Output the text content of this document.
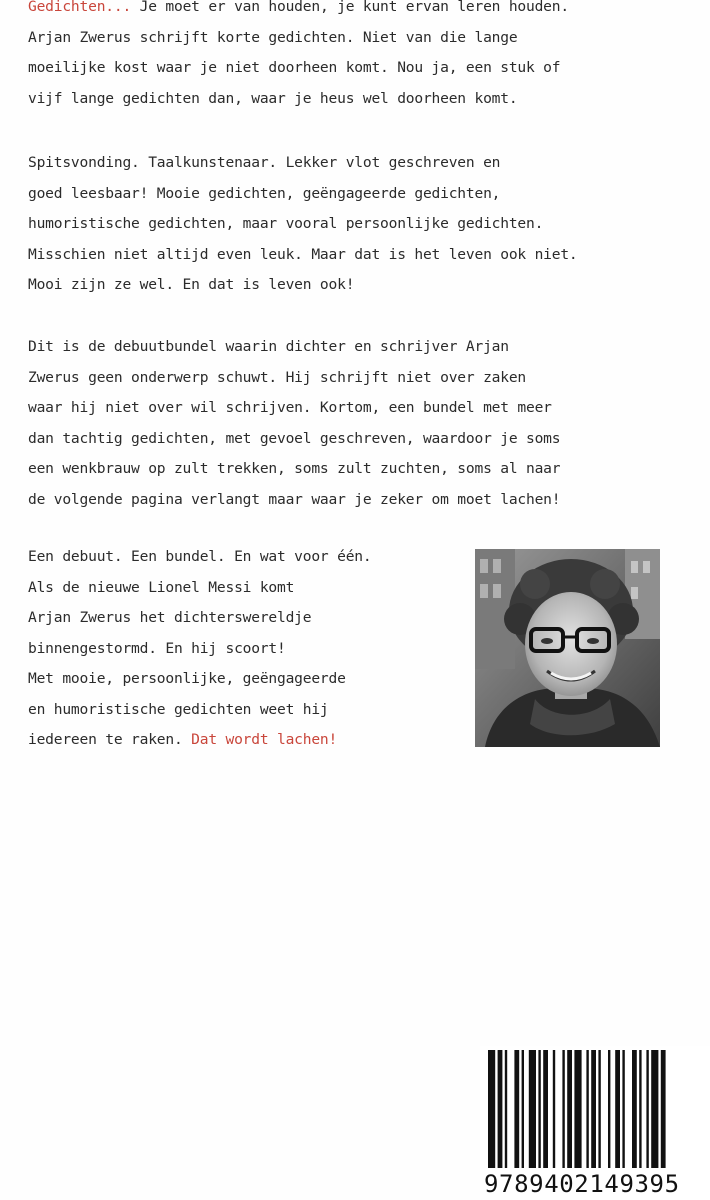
Gedichten... Je moet er van houden, je kunt ervan leren houden.
Arjan Zwerus schrijft korte gedichten. Niet van die lange
moeilijke kost waar je niet doorheen komt. Nou ja, een stuk of
vijf lange gedichten dan, waar je heus wel doorheen komt.

Spitsvonding. Taalkunstenaar. Lekker vlot geschreven en
goed leesbaar! Mooie gedichten, geëngageerde gedichten,
humoristische gedichten, maar vooral persoonlijke gedichten.
Misschien niet altijd even leuk. Maar dat is het leven ook niet.
Mooi zijn ze wel. En dat is leven ook!

Dit is de debuutbundel waarin dichter en schrijver Arjan
Zwerus geen onderwerp schuwt. Hij schrijft niet over zaken
waar hij niet over wil schrijven. Kortom, een bundel met meer
dan tachtig gedichten, met gevoel geschreven, waardoor je soms
een wenkbrauw op zult trekken, soms zult zuchten, soms al naar
de volgende pagina verlangt maar waar je zeker om moet lachen!

Een debuut. Een bundel. En wat voor één.
Als de nieuwe Lionel Messi komt
Arjan Zwerus het dichterswereldje
binnengestormd. En hij scoort!
Met mooie, persoonlijke, geëngageerde
en humoristische gedichten weet hij
iedereen te raken. Dat wordt lachen!

9789402149395
